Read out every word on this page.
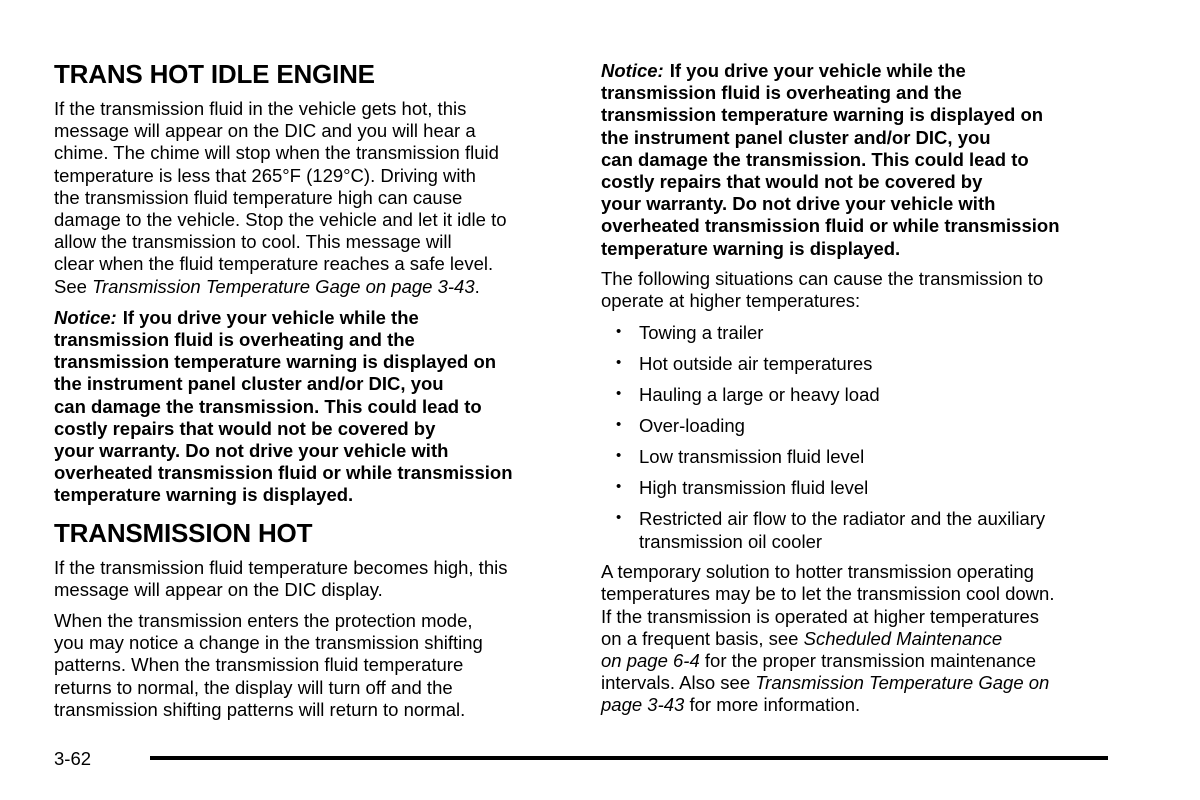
TRANS HOT IDLE ENGINE

If the transmission fluid in the vehicle gets hot, this
message will appear on the DIC and you will hear a
chime. The chime will stop when the transmission fluid
temperature is less that 265°F (129°C). Driving with
the transmission fluid temperature high can cause
damage to the vehicle. Stop the vehicle and let it idle to
allow the transmission to cool. This message will
clear when the fluid temperature reaches a safe level.
See Transmission Temperature Gage on page 3-43.

Notice: If you drive your vehicle while the
transmission fluid is overheating and the
transmission temperature warning is displayed on
the instrument panel cluster and/or DIC, you
can damage the transmission. This could lead to
costly repairs that would not be covered by
your warranty. Do not drive your vehicle with
overheated transmission fluid or while transmission
temperature warning is displayed.

TRANSMISSION HOT

If the transmission fluid temperature becomes high, this
message will appear on the DIC display.

When the transmission enters the protection mode,
you may notice a change in the transmission shifting
patterns. When the transmission fluid temperature
returns to normal, the display will turn off and the
transmission shifting patterns will return to normal.

Notice: If you drive your vehicle while the
transmission fluid is overheating and the
transmission temperature warning is displayed on
the instrument panel cluster and/or DIC, you
can damage the transmission. This could lead to
costly repairs that would not be covered by
your warranty. Do not drive your vehicle with
overheated transmission fluid or while transmission
temperature warning is displayed.

The following situations can cause the transmission to
operate at higher temperatures:

• Towing a trailer
• Hot outside air temperatures
• Hauling a large or heavy load
• Over-loading
• Low transmission fluid level
• High transmission fluid level
• Restricted air flow to the radiator and the auxiliary
transmission oil cooler

A temporary solution to hotter transmission operating
temperatures may be to let the transmission cool down.
If the transmission is operated at higher temperatures
on a frequent basis, see Scheduled Maintenance
on page 6-4 for the proper transmission maintenance
intervals. Also see Transmission Temperature Gage on
page 3-43 for more information.

3-62
